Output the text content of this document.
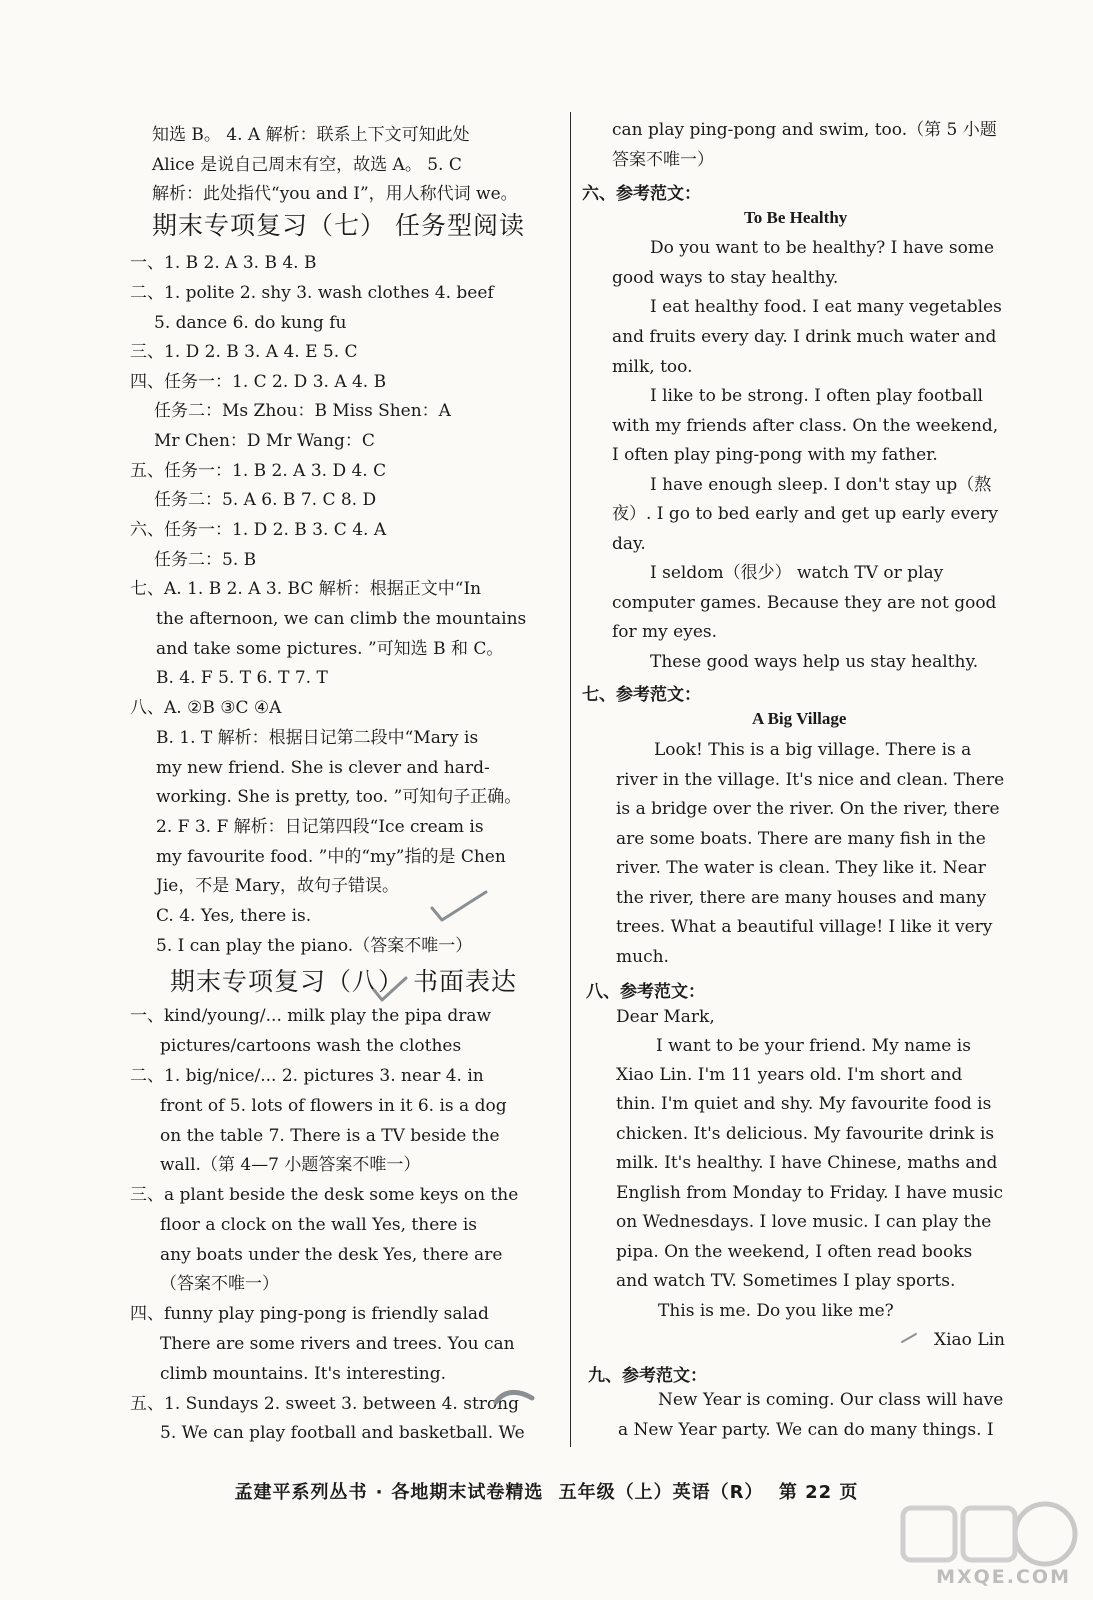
知选 B。 4. A 解析：联系上下文可知此处
Alice 是说自己周末有空，故选 A。 5. C
解析：此处指代“you and I”，用人称代词 we。
期末专项复习（七） 任务型阅读
一、1. B 2. A 3. B 4. B
二、1. polite 2. shy 3. wash clothes 4. beef
5. dance 6. do kung fu
三、1. D 2. B 3. A 4. E 5. C
四、任务一：1. C 2. D 3. A 4. B
任务二：Ms Zhou：B Miss Shen：A
Mr Chen：D Mr Wang：C
五、任务一：1. B 2. A 3. D 4. C
任务二：5. A 6. B 7. C 8. D
六、任务一：1. D 2. B 3. C 4. A
任务二：5. B
七、A. 1. B 2. A 3. BC 解析：根据正文中“In
the afternoon, we can climb the mountains
and take some pictures. ”可知选 B 和 C。
B. 4. F 5. T 6. T 7. T
八、A. ②B ③C ④A
B. 1. T 解析：根据日记第二段中“Mary is
my new friend. She is clever and hard-
working. She is pretty, too. ”可知句子正确。
2. F 3. F 解析：日记第四段“Ice cream is
my favourite food. ”中的“my”指的是 Chen
Jie，不是 Mary，故句子错误。
C. 4. Yes, there is.
5. I can play the piano.（答案不唯一）
期末专项复习（八） 书面表达
一、kind/young/... milk play the pipa draw
pictures/cartoons wash the clothes
二、1. big/nice/... 2. pictures 3. near 4. in
front of 5. lots of flowers in it 6. is a dog
on the table 7. There is a TV beside the
wall.（第 4—7 小题答案不唯一）
三、a plant beside the desk some keys on the
floor a clock on the wall Yes, there is
any boats under the desk Yes, there are
（答案不唯一）
四、funny play ping-pong is friendly salad
There are some rivers and trees. You can
climb mountains. It's interesting.
五、1. Sundays 2. sweet 3. between 4. strong
5. We can play football and basketball. We
can play ping-pong and swim, too.（第 5 小题
答案不唯一）
六、参考范文：
To Be Healthy
Do you want to be healthy? I have some
good ways to stay healthy.
I eat healthy food. I eat many vegetables
and fruits every day. I drink much water and
milk, too.
I like to be strong. I often play football
with my friends after class. On the weekend,
I often play ping-pong with my father.
I have enough sleep. I don't stay up（熬
夜）. I go to bed early and get up early every
day.
I seldom（很少） watch TV or play
computer games. Because they are not good
for my eyes.
These good ways help us stay healthy.
七、参考范文：
A Big Village
Look! This is a big village. There is a
river in the village. It's nice and clean. There
is a bridge over the river. On the river, there
are some boats. There are many fish in the
river. The water is clean. They like it. Near
the river, there are many houses and many
trees. What a beautiful village! I like it very
much.
八、参考范文：
Dear Mark,
I want to be your friend. My name is
Xiao Lin. I'm 11 years old. I'm short and
thin. I'm quiet and shy. My favourite food is
chicken. It's delicious. My favourite drink is
milk. It's healthy. I have Chinese, maths and
English from Monday to Friday. I have music
on Wednesdays. I love music. I can play the
pipa. On the weekend, I often read books
and watch TV. Sometimes I play sports.
This is me. Do you like me?
Xiao Lin
九、参考范文：
New Year is coming. Our class will have
a New Year party. We can do many things. I
孟建平系列丛书 · 各地期末试卷精选 五年级（上）英语（R） 第 22 页
MXQE.COM
